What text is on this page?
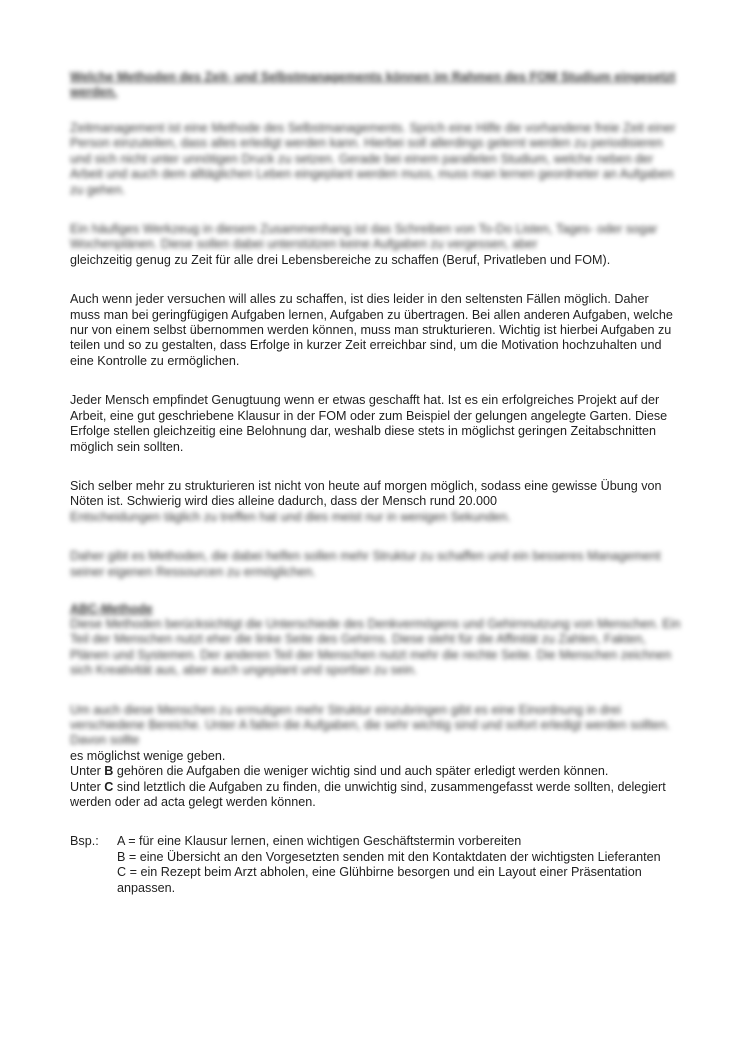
Welche Methoden des Zeit- und Selbstmanagements können im Rahmen des FOM Studium eingesetzt werden.

Zeitmanagement ist eine Methode des Selbstmanagements. Sprich eine Hilfe die vorhandene freie Zeit einer Person einzuteilen, dass alles erledigt werden kann. Hierbei soll allerdings gelernt werden zu periodisieren und sich nicht unter unnötigen Druck zu setzen. Gerade bei einem parallelen Studium, welche neben der Arbeit und auch dem alltäglichen Leben eingeplant werden muss, muss man lernen geordneter an Aufgaben zu gehen.

Ein häufiges Werkzeug in diesem Zusammenhang ist das Schreiben von To-Do Listen, Tages- oder sogar Wochenplänen. Diese sollen dabei unterstützen keine Aufgaben zu vergessen, aber

gleichzeitig genug zu Zeit für alle drei Lebensbereiche zu schaffen (Beruf, Privatleben und FOM).

Auch wenn jeder versuchen will alles zu schaffen, ist dies leider in den seltensten Fällen möglich. Daher muss man bei geringfügigen Aufgaben lernen, Aufgaben zu übertragen. Bei allen anderen Aufgaben, welche nur von einem selbst übernommen werden können, muss man strukturieren. Wichtig ist hierbei Aufgaben zu teilen und so zu gestalten, dass Erfolge in kurzer Zeit erreichbar sind, um die Motivation hochzuhalten und eine Kontrolle zu ermöglichen.

Jeder Mensch empfindet Genugtuung wenn er etwas geschafft hat. Ist es ein erfolgreiches Projekt auf der Arbeit, eine gut geschriebene Klausur in der FOM oder zum Beispiel der gelungen angelegte Garten. Diese Erfolge stellen gleichzeitig eine Belohnung dar, weshalb diese stets in möglichst geringen Zeitabschnitten möglich sein sollten.

Sich selber mehr zu strukturieren ist nicht von heute auf morgen möglich, sodass eine gewisse Übung von Nöten ist. Schwierig wird dies alleine dadurch, dass der Mensch rund 20.000

Entscheidungen täglich zu treffen hat und dies meist nur in wenigen Sekunden.

Daher gibt es Methoden, die dabei helfen sollen mehr Struktur zu schaffen und ein besseres Management seiner eigenen Ressourcen zu ermöglichen.

ABC-Methode

Diese Methoden berücksichtigt die Unterschiede des Denkvermögens und Gehirnnutzung von Menschen. Ein Teil der Menschen nutzt eher die linke Seite des Gehirns. Diese steht für die Affinität zu Zahlen, Fakten, Plänen und Systemen. Der anderen Teil der Menschen nutzt mehr die rechte Seite. Die Menschen zeichnen sich Kreativität aus, aber auch ungeplant und sportlan zu sein.

Um auch diese Menschen zu ermutigen mehr Struktur einzubringen gibt es eine Einordnung in drei verschiedene Bereiche. Unter A fallen die Aufgaben, die sehr wichtig sind und sofort erledigt werden sollten. Davon sollte

es möglichst wenige geben.

Unter B gehören die Aufgaben die weniger wichtig sind und auch später erledigt werden können.

Unter C sind letztlich die Aufgaben zu finden, die unwichtig sind, zusammengefasst werde sollten, delegiert werden oder ad acta gelegt werden können.

Bsp.:	A = für eine Klausur lernen, einen wichtigen Geschäftstermin vorbereiten

B = eine Übersicht an den Vorgesetzten senden mit den Kontaktdaten der wichtigsten Lieferanten

C = ein Rezept beim Arzt abholen, eine Glühbirne besorgen und ein Layout einer Präsentation anpassen.
